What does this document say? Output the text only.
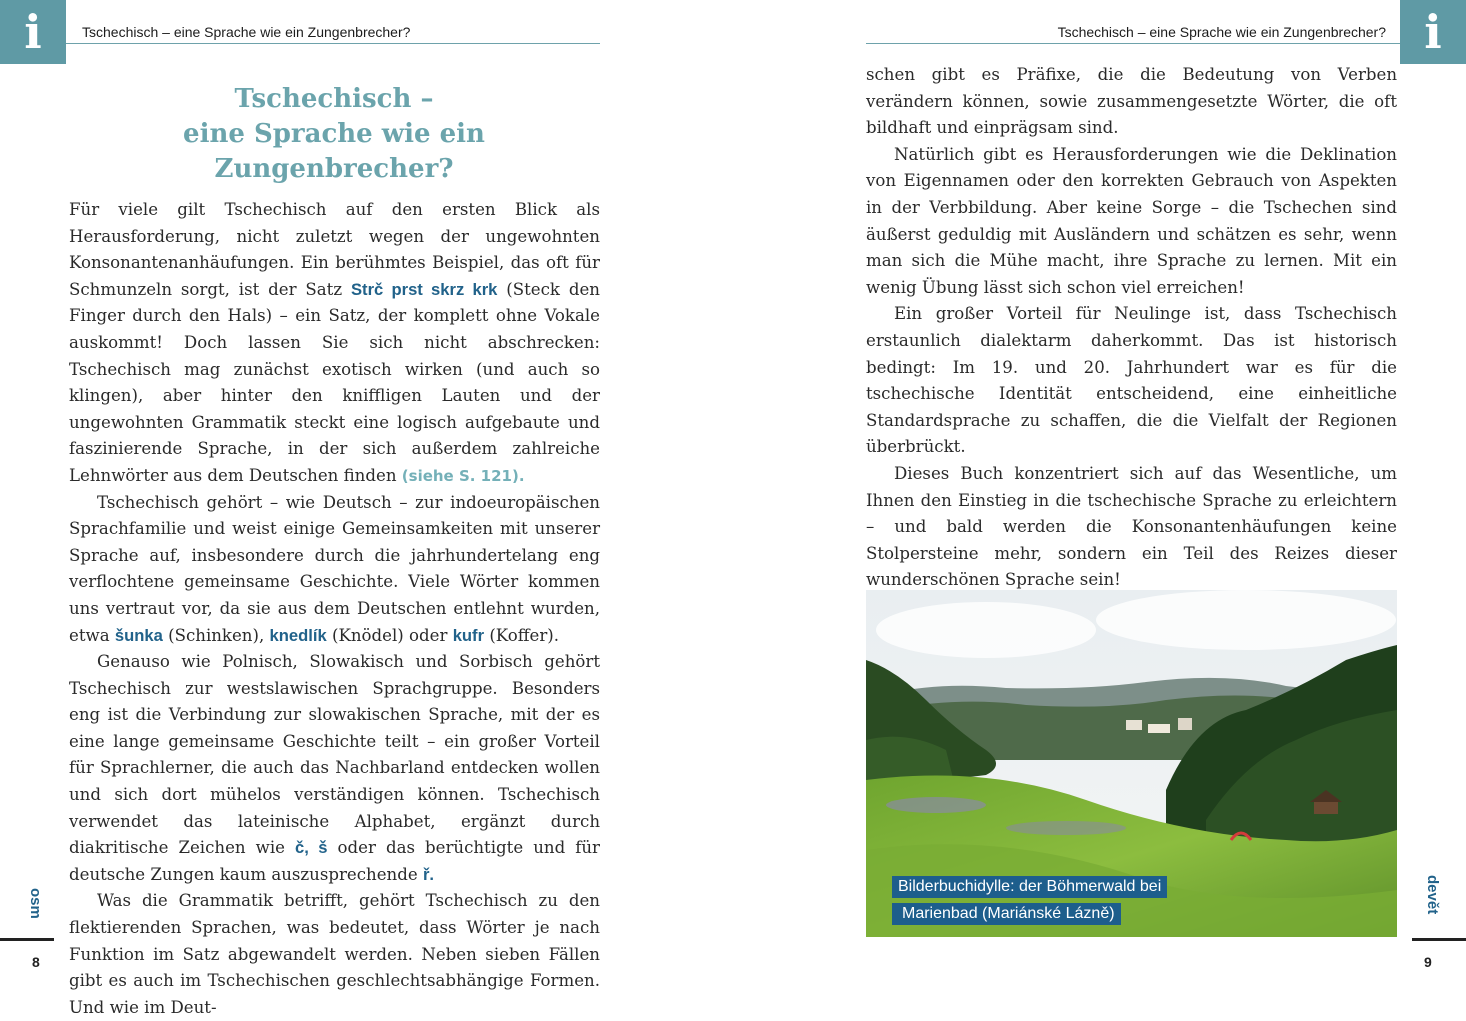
i	Tschechisch – eine Sprache wie ein Zungenbrecher?	i
Tschechisch – eine Sprache wie ein Zungenbrecher?
Tschechisch –
eine Sprache wie ein Zungenbrecher?

Für viele gilt Tschechisch auf den ersten Blick als Herausforderung, nicht zuletzt wegen der ungewohnten Konsonantenanhäufungen. Ein berühmtes Beispiel, das oft für Schmunzeln sorgt, ist der Satz Strč prst skrz krk (Steck den Finger durch den Hals) – ein Satz, der komplett ohne Vokale auskommt! Doch lassen Sie sich nicht abschrecken: Tschechisch mag zunächst exotisch wirken (und auch so klingen), aber hinter den kniffligen Lauten und der ungewohnten Grammatik steckt eine logisch aufgebaute und faszinierende Sprache, in der sich außerdem zahlreiche Lehnwörter aus dem Deutschen finden (siehe S. 121).

Tschechisch gehört – wie Deutsch – zur indoeuropäischen Sprachfamilie und weist einige Gemeinsamkeiten mit unserer Sprache auf, insbesondere durch die jahrhundertelang eng verflochtene gemeinsame Geschichte. Viele Wörter kommen uns vertraut vor, da sie aus dem Deutschen entlehnt wurden, etwa šunka (Schinken), knedlík (Knödel) oder kufr (Koffer).

Genauso wie Polnisch, Slowakisch und Sorbisch gehört Tschechisch zur westslawischen Sprachgruppe. Besonders eng ist die Verbindung zur slowakischen Sprache, mit der es eine lange gemeinsame Geschichte teilt – ein großer Vorteil für Sprachlerner, die auch das Nachbarland entdecken wollen und sich dort mühelos verständigen können. Tschechisch verwendet das lateinische Alphabet, ergänzt durch diakritische Zeichen wie č, š oder das berüchtigte und für deutsche Zungen kaum auszusprechende ř.

Was die Grammatik betrifft, gehört Tschechisch zu den flektierenden Sprachen, was bedeutet, dass Wörter je nach Funktion im Satz abgewandelt werden. Neben sieben Fällen gibt es auch im Tschechischen geschlechtsabhängige Formen. Und wie im Deut-

schen gibt es Präfixe, die die Bedeutung von Verben verändern können, sowie zusammengesetzte Wörter, die oft bildhaft und einprägsam sind.

Natürlich gibt es Herausforderungen wie die Deklination von Eigennamen oder den korrekten Gebrauch von Aspekten in der Verbbildung. Aber keine Sorge – die Tschechen sind äußerst geduldig mit Ausländern und schätzen es sehr, wenn man sich die Mühe macht, ihre Sprache zu lernen. Mit ein wenig Übung lässt sich schon viel erreichen!

Ein großer Vorteil für Neulinge ist, dass Tschechisch erstaunlich dialektarm daherkommt. Das ist historisch bedingt: Im 19. und 20. Jahrhundert war es für die tschechische Identität entscheidend, eine einheitliche Standardsprache zu schaffen, die die Vielfalt der Regionen überbrückt.

Dieses Buch konzentriert sich auf das Wesentliche, um Ihnen den Einstieg in die tschechische Sprache zu erleichtern – und bald werden die Konsonantenhäufungen keine Stolpersteine mehr, sondern ein Teil des Reizes dieser wunderschönen Sprache sein!

Bilderbuchidylle: der Böhmerwald bei
Marienbad (Mariánské Lázně)
osm	devět
8	9
